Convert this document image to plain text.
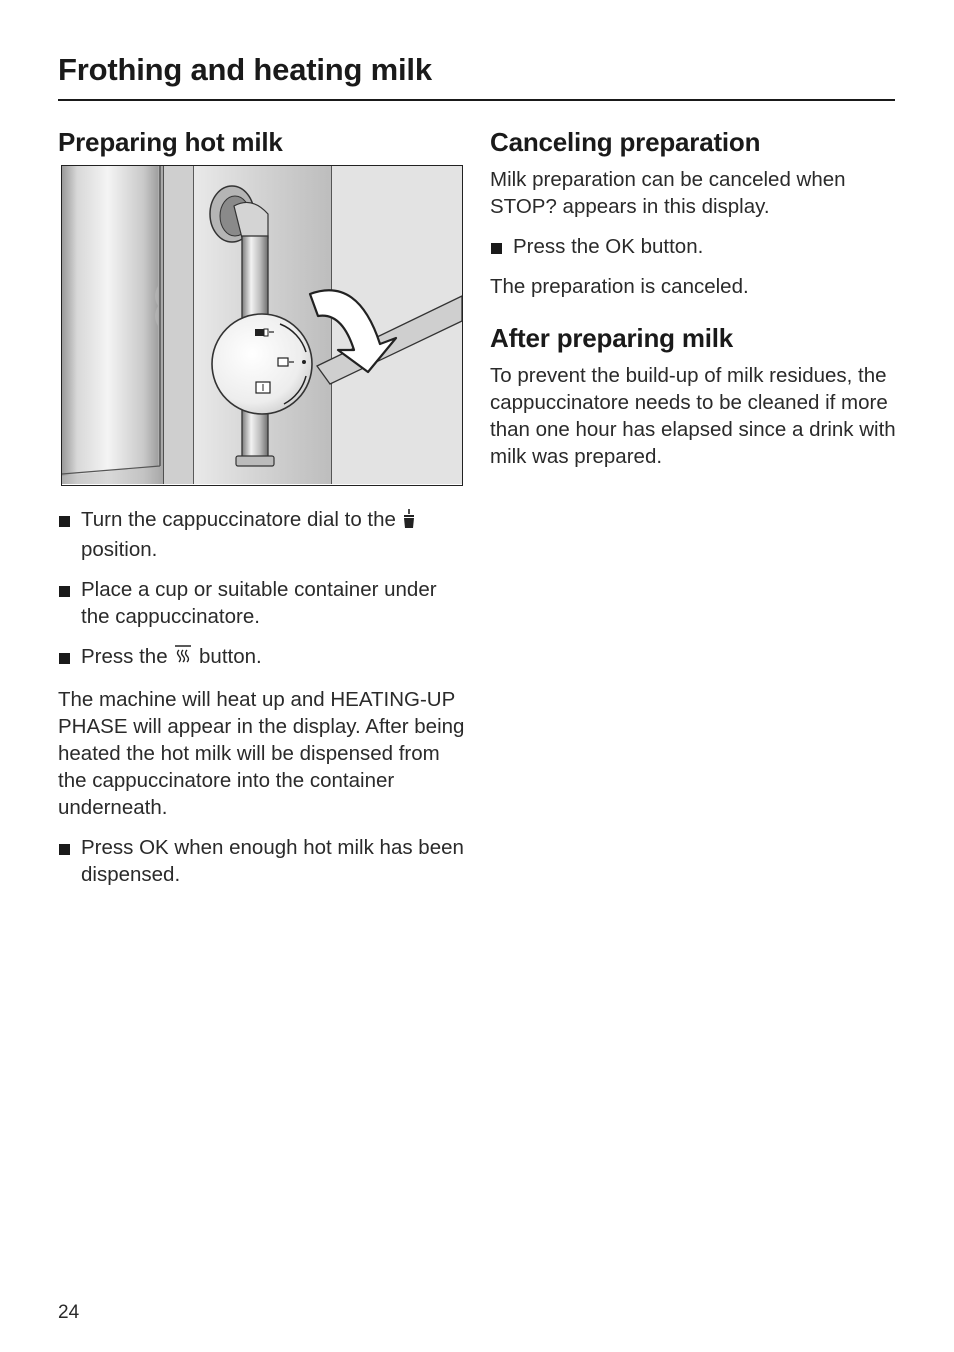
Frothing and heating milk
Preparing hot milk
Turn the cappuccinatore dial to the
position.
Place a cup or suitable container under the cappuccinatore.
Press the button.

The machine will heat up and HEATING-UP PHASE will appear in the display. After being heated the hot milk will be dispensed from the cappuccinatore into the container underneath.

Press OK when enough hot milk has been dispensed.
Canceling preparation

Milk preparation can be canceled when STOP? appears in this display.

Press the OK button.

The preparation is canceled.

After preparing milk

To prevent the build-up of milk residues, the cappuccinatore needs to be cleaned if more than one hour has elapsed since a drink with milk was prepared.

24
